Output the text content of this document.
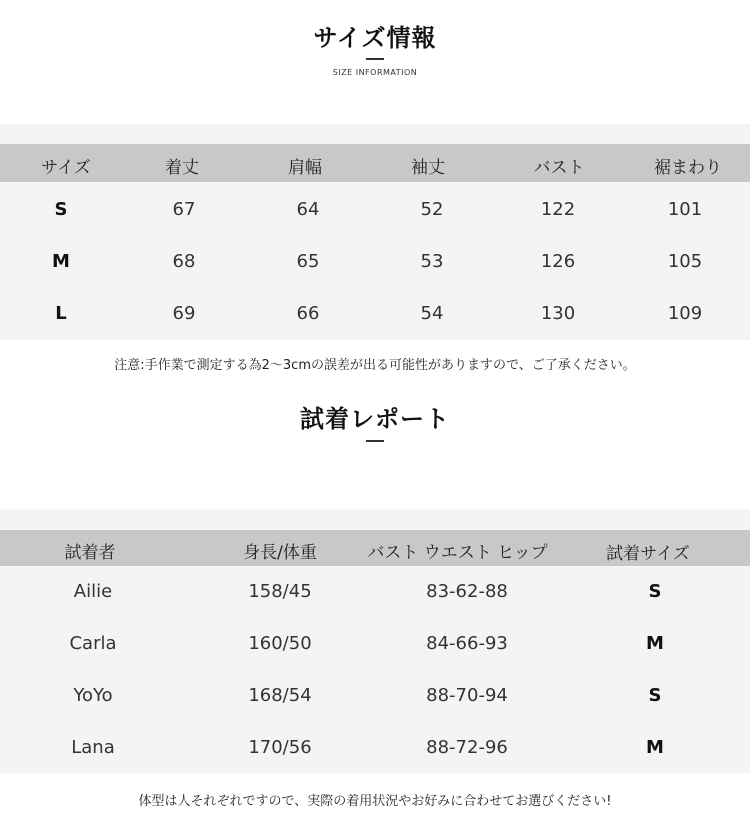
サイズ情報
SIZE INFORMATION
サイズ	着丈	肩幅	袖丈	バスト	裾まわり
S	67	64	52	122	101
M	68	65	53	126	105
L	69	66	54	130	109
注意:手作業で測定する為2～3cmの誤差が出る可能性がありますので、ご了承ください。
試着レポート
試着者	身長/体重	バスト ウエスト ヒップ	試着サイズ
Ailie	158/45	83-62-88	S
Carla	160/50	84-66-93	M
YoYo	168/54	88-70-94	S
Lana	170/56	88-72-96	M
体型は人それぞれですので、実際の着用状況やお好みに合わせてお選びください!
